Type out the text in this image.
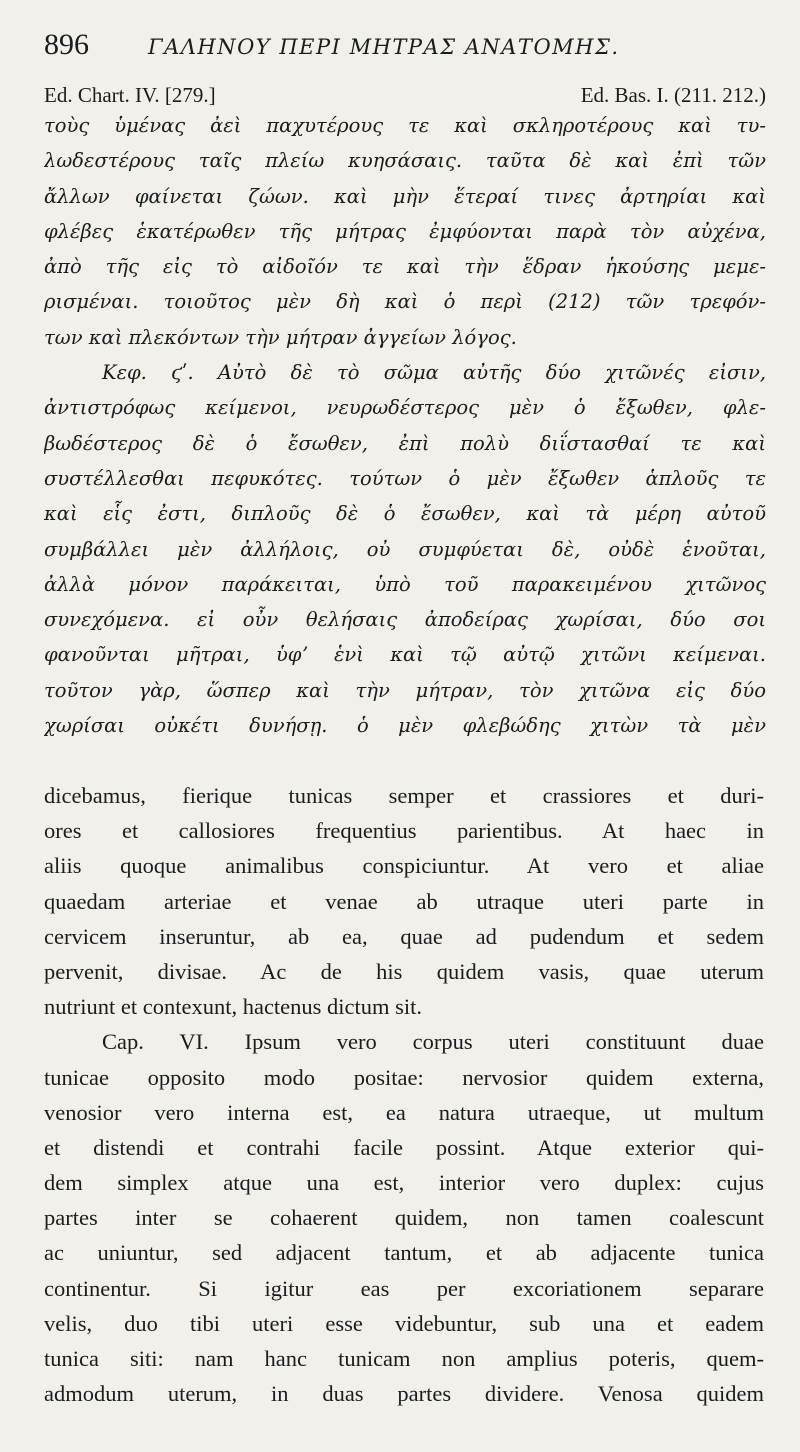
896	ΓΑΛΗΝΟΥ ΠΕΡΙ ΜΗΤΡΑΣ ΑΝΑΤΟΜΗΣ.
Ed. Chart. IV. [279.]	Ed. Bas. I. (211. 212.)
τοὺς ὑμένας ἀεὶ παχυτέρους τε καὶ σκληροτέρους καὶ τυ-
λωδεστέρους ταῖς πλείω κυησάσαις. ταῦτα δὲ καὶ ἐπὶ τῶν
ἄλλων φαίνεται ζώων. καὶ μὴν ἕτεραί τινες ἀρτηρίαι καὶ
φλέβες ἑκατέρωθεν τῆς μήτρας ἐμφύονται παρὰ τὸν αὐχένα,
ἀπὸ τῆς εἰς τὸ αἰδοῖόν τε καὶ τὴν ἕδραν ἡκούσης μεμε-
ρισμέναι. τοιοῦτος μὲν δὴ καὶ ὁ περὶ (212) τῶν τρεφόν-
των καὶ πλεκόντων τὴν μήτραν ἀγγείων λόγος.
Κεφ. ϛʹ. Αὐτὸ δὲ τὸ σῶμα αὐτῆς δύο χιτῶνές εἰσιν,
ἀντιστρόφως κείμενοι, νευρωδέστερος μὲν ὁ ἔξωθεν, φλε-
βωδέστερος δὲ ὁ ἔσωθεν, ἐπὶ πολὺ διΐστασθαί τε καὶ
συστέλλεσθαι πεφυκότες. τούτων ὁ μὲν ἔξωθεν ἁπλοῦς τε
καὶ εἷς ἐστι, διπλοῦς δὲ ὁ ἔσωθεν, καὶ τὰ μέρη αὐτοῦ
συμβάλλει μὲν ἀλλήλοις, οὐ συμφύεται δὲ, οὐδὲ ἑνοῦται,
ἀλλὰ μόνον παράκειται, ὑπὸ τοῦ παρακειμένου χιτῶνος
συνεχόμενα. εἰ οὖν θελήσαις ἀποδείρας χωρίσαι, δύο σοι
φανοῦνται μῆτραι, ὑφʼ ἑνὶ καὶ τῷ αὐτῷ χιτῶνι κείμεναι.
τοῦτον γὰρ, ὥσπερ καὶ τὴν μήτραν, τὸν χιτῶνα εἰς δύο
χωρίσαι οὐκέτι δυνήσῃ. ὁ μὲν φλεβώδης χιτὼν τὰ μὲν
dicebamus, fierique tunicas semper et crassiores et duri-
ores et callosiores frequentius parientibus. At haec in
aliis quoque animalibus conspiciuntur. At vero et aliae
quaedam arteriae et venae ab utraque uteri parte in
cervicem inseruntur, ab ea, quae ad pudendum et sedem
pervenit, divisae. Ac de his quidem vasis, quae uterum
nutriunt et contexunt, hactenus dictum sit.
Cap. VI. Ipsum vero corpus uteri constituunt duae
tunicae opposito modo positae: nervosior quidem externa,
venosior vero interna est, ea natura utraeque, ut multum
et distendi et contrahi facile possint. Atque exterior qui-
dem simplex atque una est, interior vero duplex: cujus
partes inter se cohaerent quidem, non tamen coalescunt
ac uniuntur, sed adjacent tantum, et ab adjacente tunica
continentur. Si igitur eas per excoriationem separare
velis, duo tibi uteri esse videbuntur, sub una et eadem
tunica siti: nam hanc tunicam non amplius poteris, quem-
admodum uterum, in duas partes dividere. Venosa quidem
